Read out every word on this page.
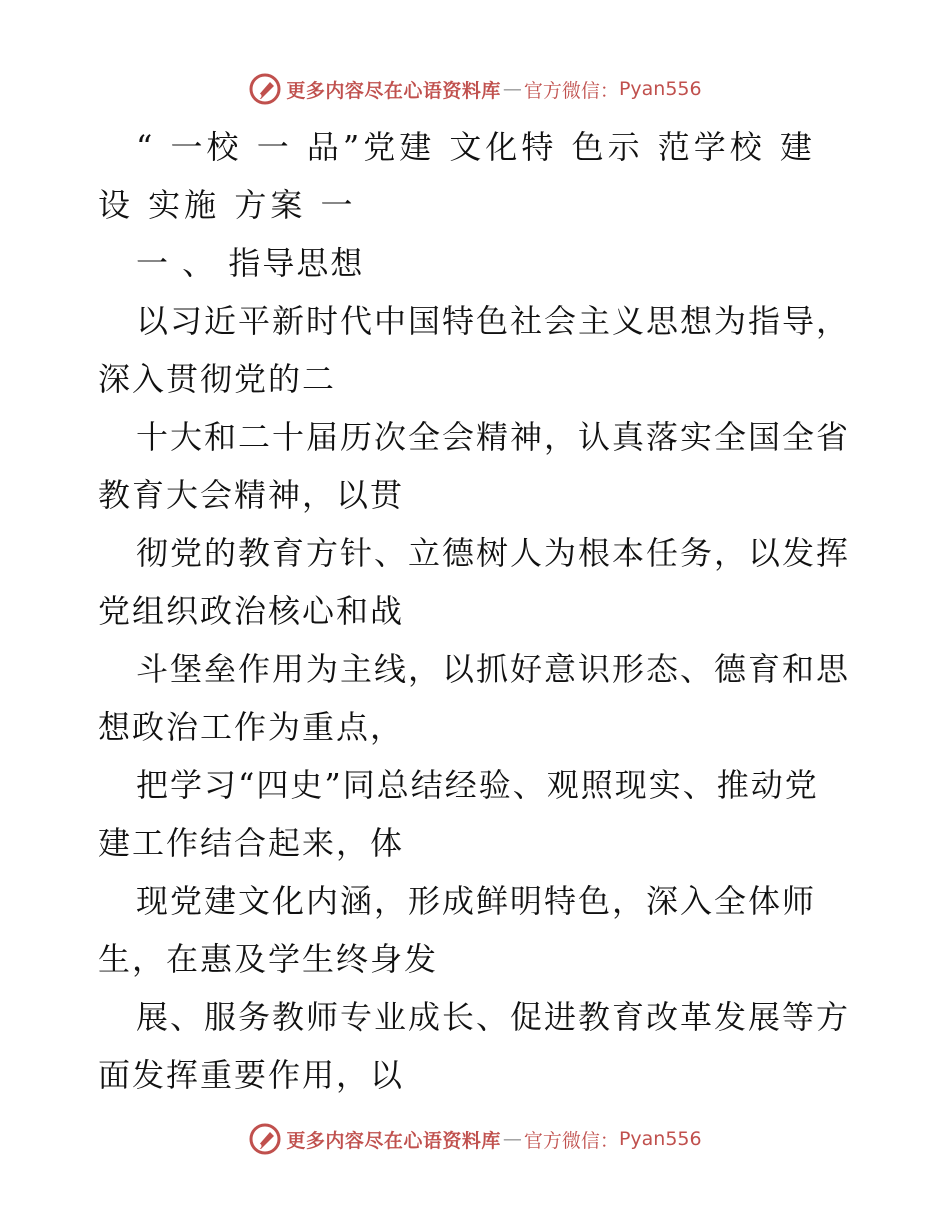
更多内容尽在心语资料库 — 官方微信： Pyan556

“ 一校 一 品”党建 文化特 色示 范学校 建

设 实施 方案 一

一 、 指导思想

以习近平新时代中国特色社会主义思想为指导，

深入贯彻党的二

十大和二十届历次全会精神，认真落实全国全省

教育大会精神，以贯

彻党的教育方针、立德树人为根本任务，以发挥

党组织政治核心和战

斗堡垒作用为主线，以抓好意识形态、德育和思

想政治工作为重点，

把学习“四史”同总结经验、观照现实、推动党

建工作结合起来，体

现党建文化内涵，形成鲜明特色，深入全体师

生，在惠及学生终身发

展、服务教师专业成长、促进教育改革发展等方

面发挥重要作用，以

更多内容尽在心语资料库 — 官方微信： Pyan556
